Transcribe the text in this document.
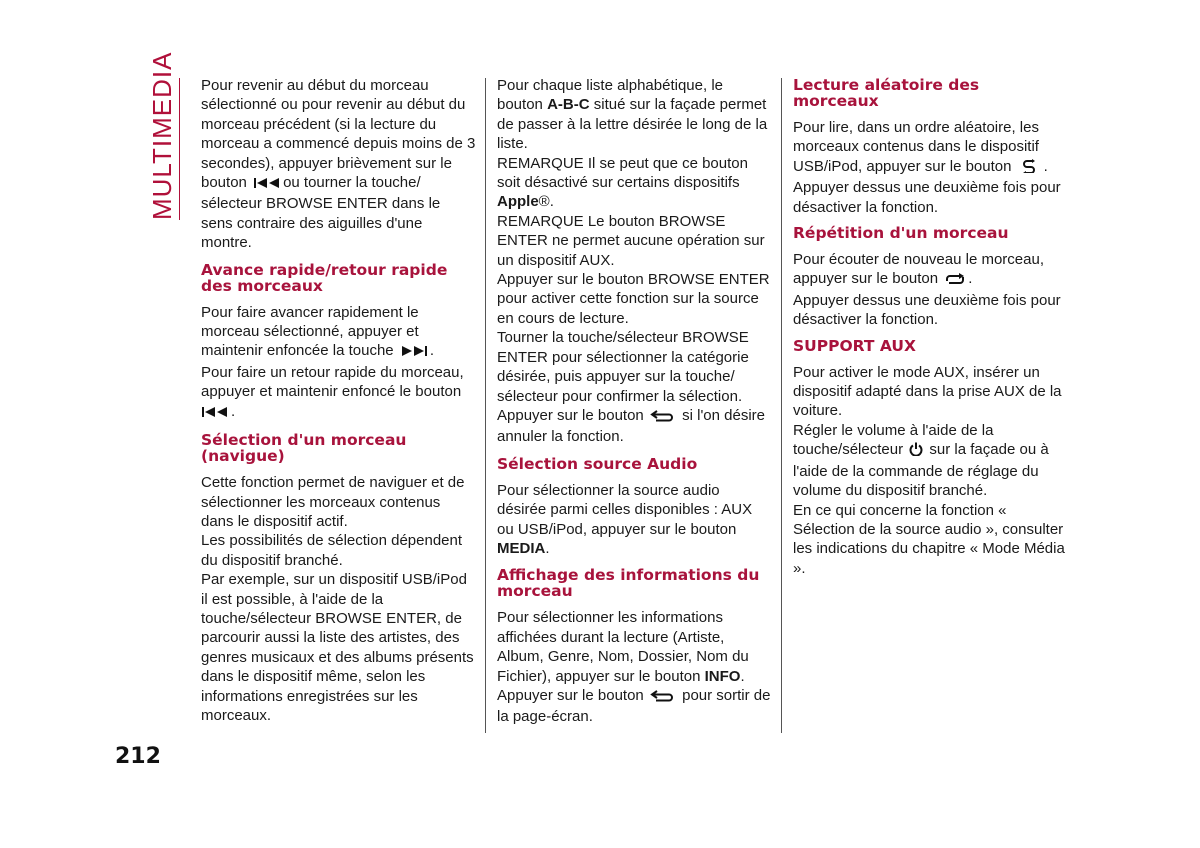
MULTIMEDIA Pour revenir au début du morceau sélectionné ou pour revenir au début du morceau précédent (si la lecture du morceau a commencé depuis moins de 3 secondes), appuyer brièvement sur le bouton ou tourner la touche/ sélecteur BROWSE ENTER dans le sens contraire des aiguilles d'une montre.

Avance rapide/retour rapide des morceaux

Pour faire avancer rapidement le morceau sélectionné, appuyer et maintenir enfoncée la touche .
Pour faire un retour rapide du morceau, appuyer et maintenir enfoncé le bouton
.

Sélection d'un morceau (navigue)

Cette fonction permet de naviguer et de sélectionner les morceaux contenus dans le dispositif actif.

Les possibilités de sélection dépendent du dispositif branché.

Par exemple, sur un dispositif USB/iPod il est possible, à l'aide de la touche/sélecteur BROWSE ENTER, de parcourir aussi la liste des artistes, des genres musicaux et des albums présents dans le dispositif même, selon les informations enregistrées sur les morceaux.

Pour chaque liste alphabétique, le bouton A-B-C situé sur la façade permet de passer à la lettre désirée le long de la liste.

REMARQUE Il se peut que ce bouton soit désactivé sur certains dispositifs Apple®.

REMARQUE Le bouton BROWSE ENTER ne permet aucune opération sur un dispositif AUX.

Appuyer sur le bouton BROWSE ENTER pour activer cette fonction sur la source en cours de lecture.

Tourner la touche/sélecteur BROWSE ENTER pour sélectionner la catégorie désirée, puis appuyer sur la touche/ sélecteur pour confirmer la sélection.

Appuyer sur le bouton	si l'on désire annuler la fonction.

Sélection source Audio

Pour sélectionner la source audio désirée parmi celles disponibles : AUX ou USB/iPod, appuyer sur le bouton MEDIA.

Affichage des informations du morceau

Pour sélectionner les informations affichées durant la lecture (Artiste, Album, Genre, Nom, Dossier, Nom du Fichier), appuyer sur le bouton INFO.
Appuyer sur le bouton	pour sortir de la page-écran.

Lecture aléatoire des morceaux

Pour lire, dans un ordre aléatoire, les morceaux contenus dans le dispositif USB/iPod, appuyer sur le bouton .
Appuyer dessus une deuxième fois pour désactiver la fonction.

Répétition d'un morceau

Pour écouter de nouveau le morceau, appuyer sur le bouton .
Appuyer dessus une deuxième fois pour désactiver la fonction.

SUPPORT AUX

Pour activer le mode AUX, insérer un dispositif adapté dans la prise AUX de la voiture.

Régler le volume à l'aide de la touche/sélecteur sur la façade ou à l'aide de la commande de réglage du volume du dispositif branché.

En ce qui concerne la fonction « Sélection de la source audio », consulter les indications du chapitre « Mode Média ».

212
